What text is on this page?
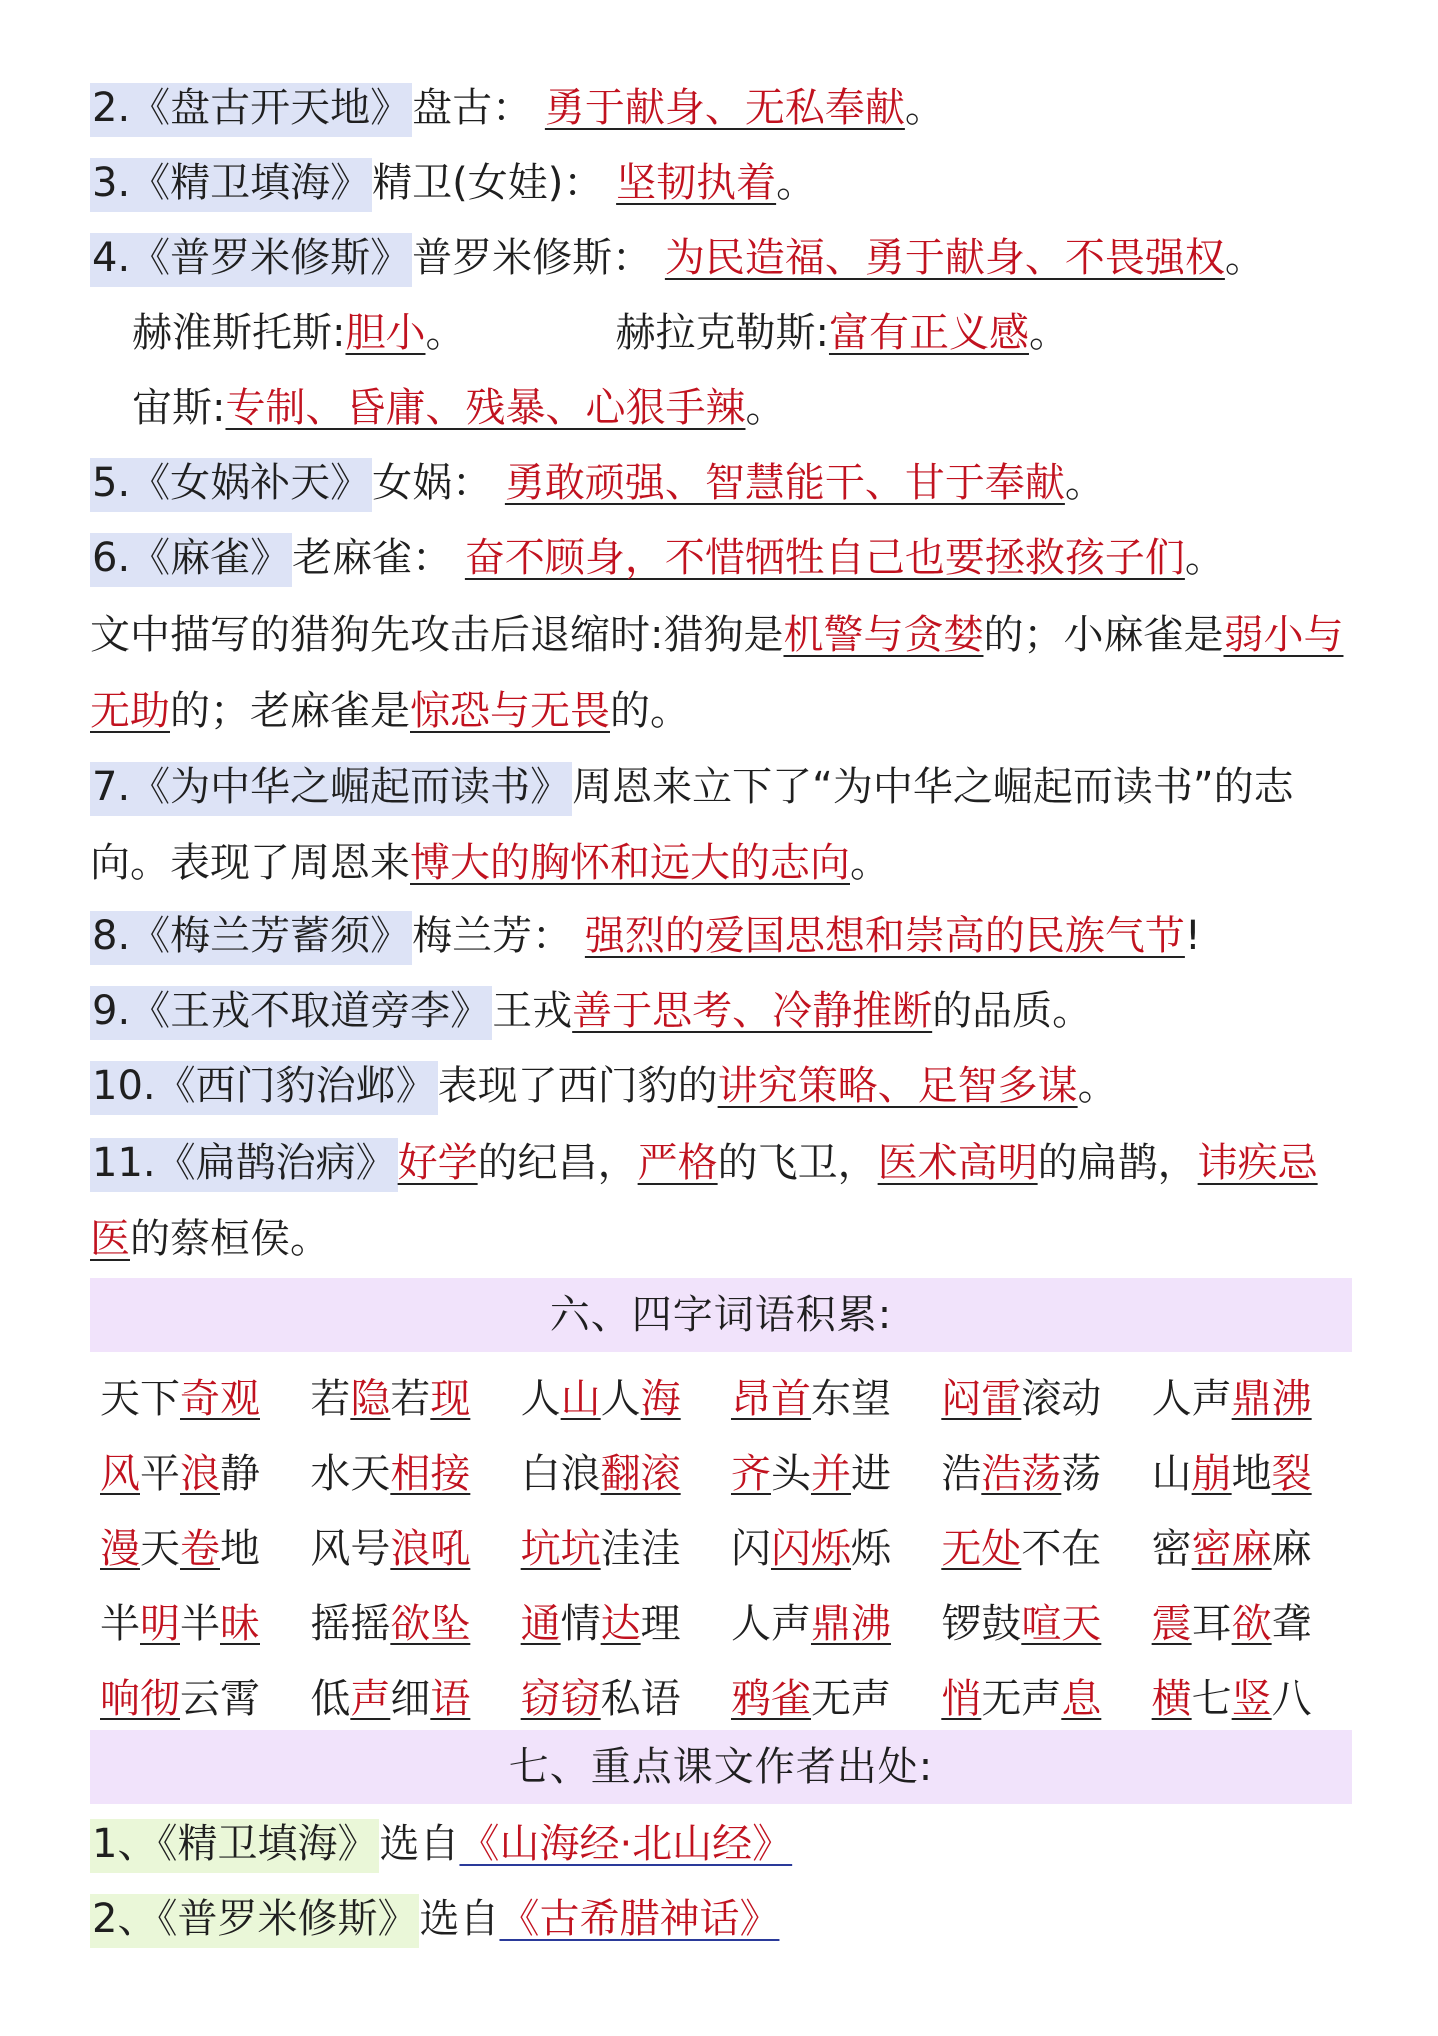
2.《盘古开天地》盘古： 勇于献身、无私奉献。
3.《精卫填海》精卫(女娃)： 坚韧执着。
4.《普罗米修斯》普罗米修斯： 为民造福、勇于献身、不畏强权。
赫淮斯托斯:胆小。	赫拉克勒斯:富有正义感。
宙斯:专制、昏庸、残暴、心狠手辣。
5.《女娲补天》女娲： 勇敢顽强、智慧能干、甘于奉献。
6.《麻雀》老麻雀： 奋不顾身，不惜牺牲自己也要拯救孩子们。
文中描写的猎狗先攻击后退缩时:猎狗是机警与贪婪的；小麻雀是弱小与无助的；老麻雀是惊恐与无畏的。
7.《为中华之崛起而读书》周恩来立下了“为中华之崛起而读书”的志向。表现了周恩来博大的胸怀和远大的志向。
8.《梅兰芳蓄须》梅兰芳： 强烈的爱国思想和崇高的民族气节!
9.《王戎不取道旁李》王戎善于思考、冷静推断的品质。
10.《西门豹治邺》表现了西门豹的讲究策略、足智多谋。
11.《扁鹊治病》好学的纪昌，严格的飞卫，医术高明的扁鹊，讳疾忌医的蔡桓侯。
六、四字词语积累:
天下奇观	若隐若现	人山人海	昂首东望	闷雷滚动	人声鼎沸
风平浪静	水天相接	白浪翻滚	齐头并进	浩浩荡荡	山崩地裂
漫天卷地	风号浪吼	坑坑洼洼	闪闪烁烁	无处不在	密密麻麻
半明半昧	摇摇欲坠	通情达理	人声鼎沸	锣鼓喧天	震耳欲聋
响彻云霄	低声细语	窃窃私语	鸦雀无声	悄无声息	横七竖八
七、重点课文作者出处:
1、《精卫填海》选自《山海经·北山经》
2、《普罗米修斯》选自《古希腊神话》
